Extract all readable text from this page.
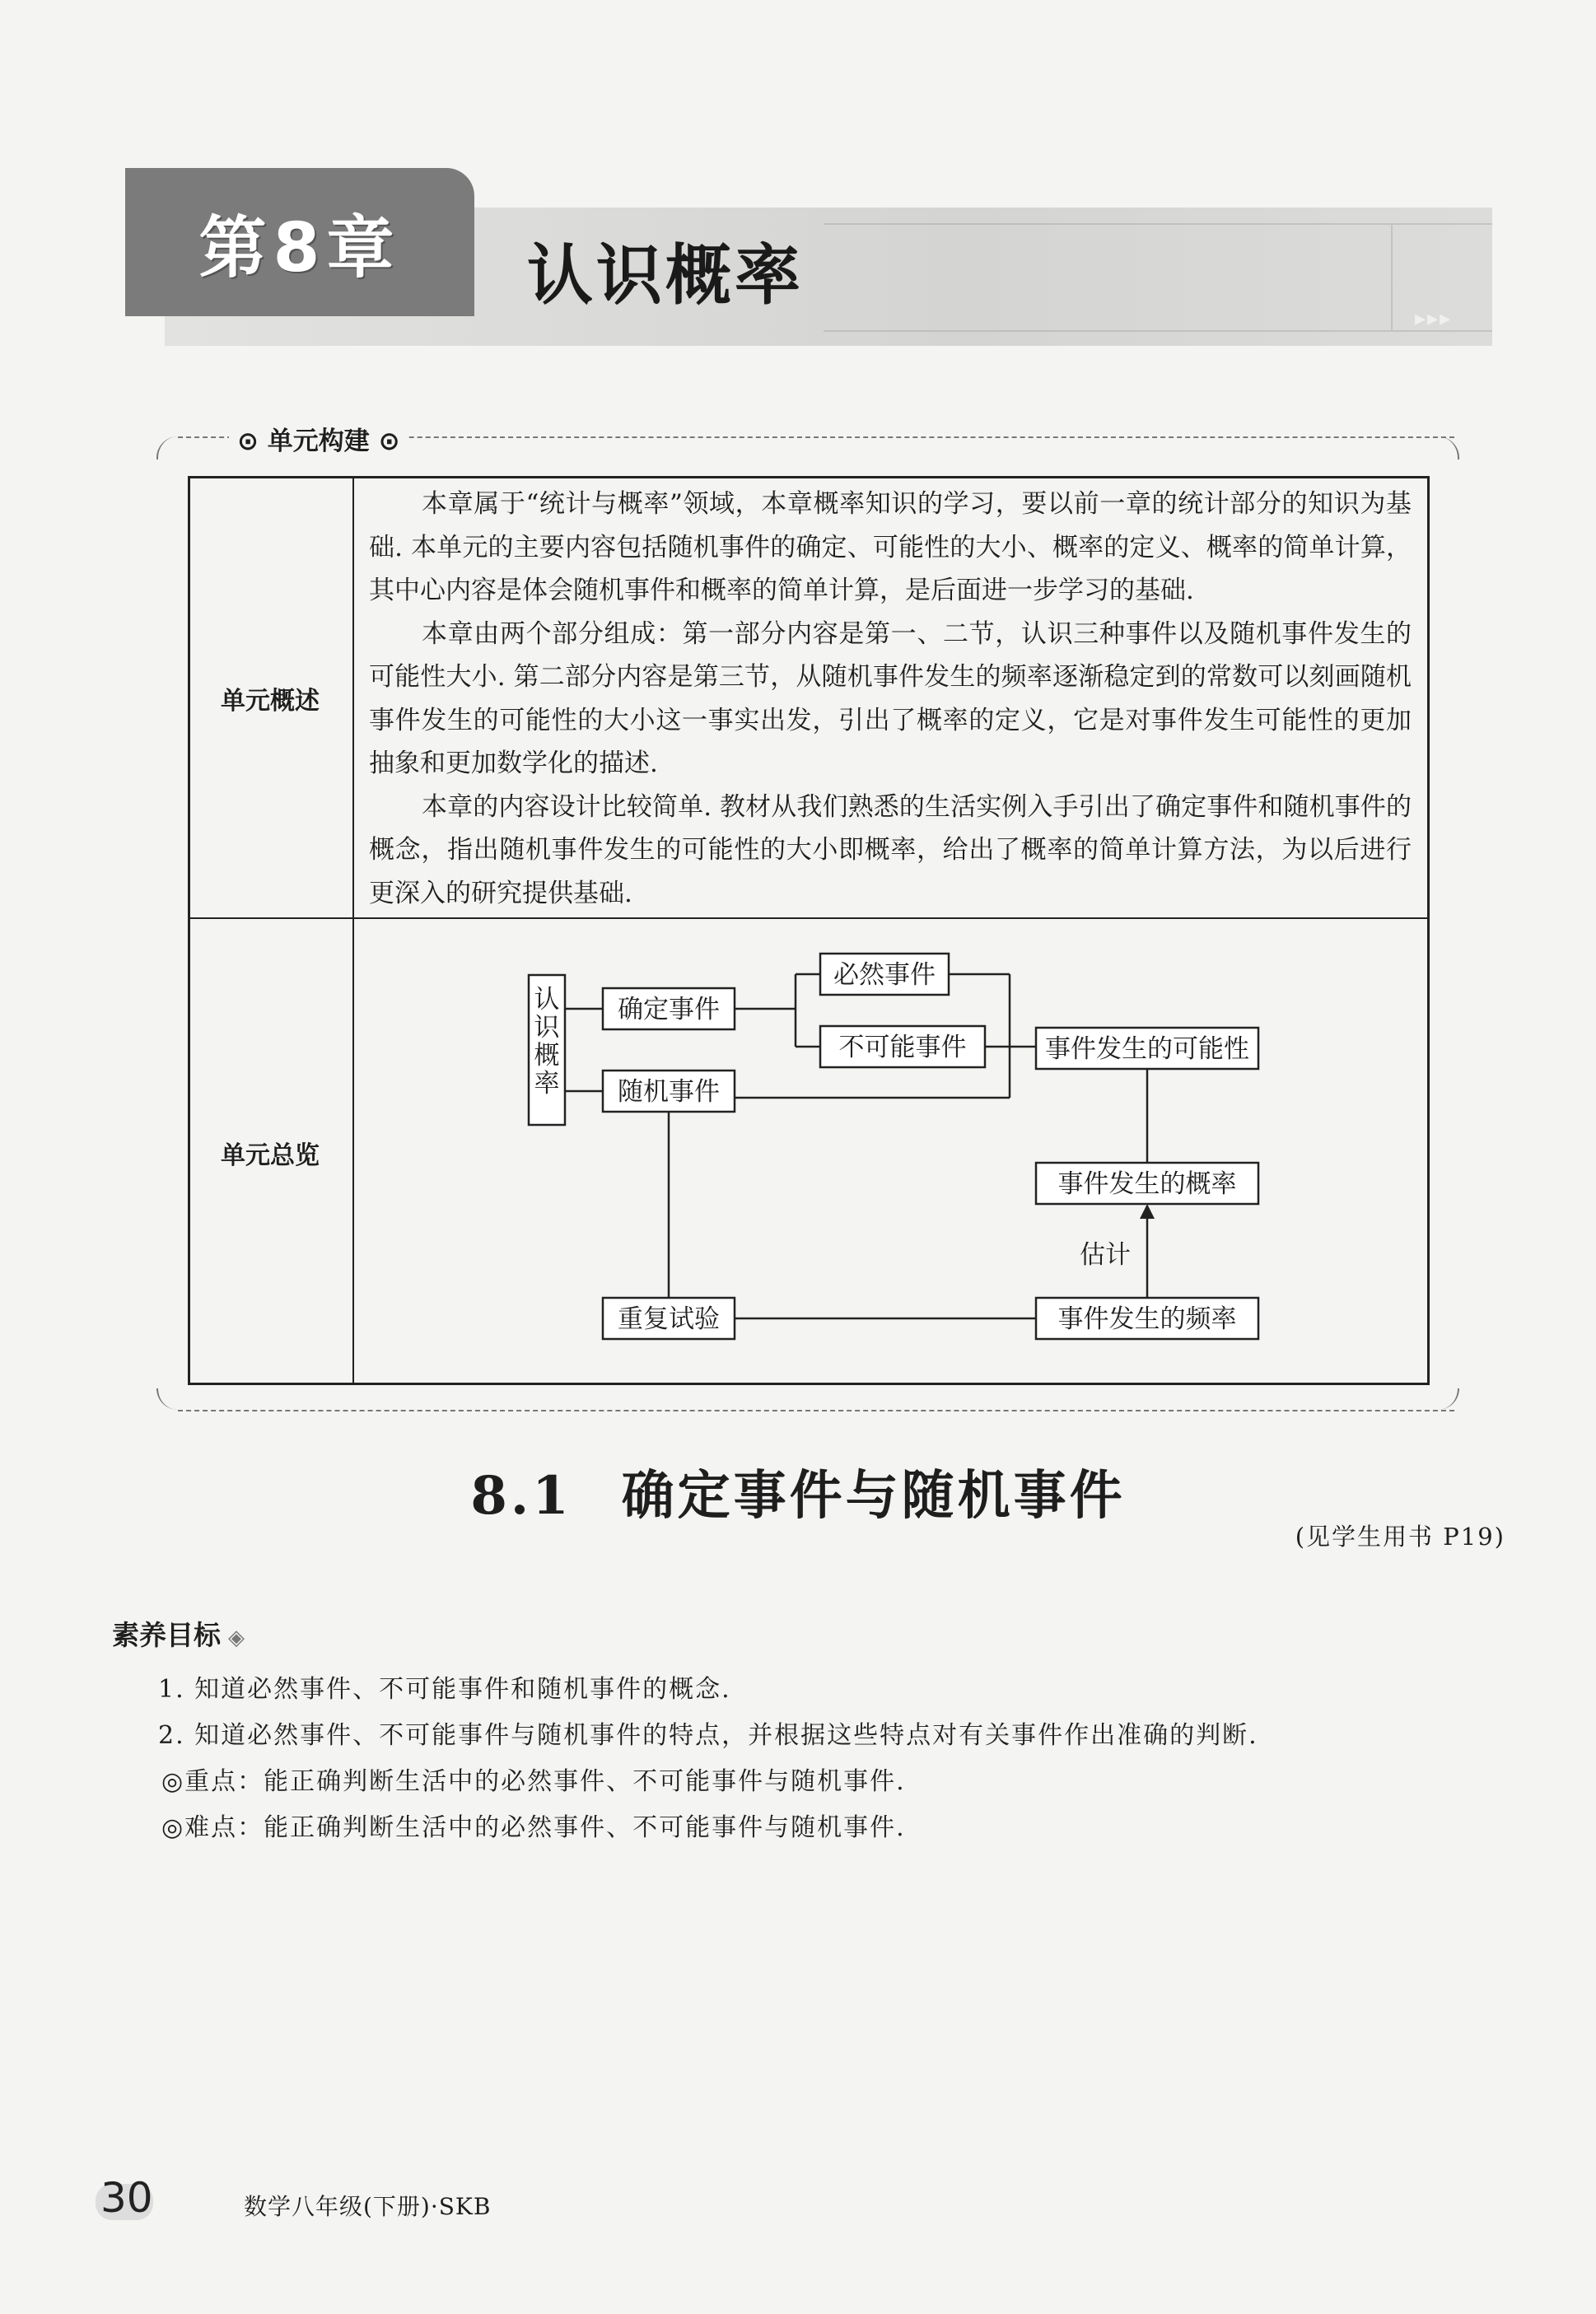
第8章	认识概率
▸▸▸
⊙ 单元构建 ⊙
单元概述

本章属于“统计与概率”领域，本章概率知识的学习，要以前一章的统计部分的知识为基础. 本单元的主要内容包括随机事件的确定、可能性的大小、概率的定义、概率的简单计算，其中心内容是体会随机事件和概率的简单计算，是后面进一步学习的基础.

本章由两个部分组成：第一部分内容是第一、二节，认识三种事件以及随机事件发生的可能性大小. 第二部分内容是第三节，从随机事件发生的频率逐渐稳定到的常数可以刻画随机事件发生的可能性的大小这一事实出发，引出了概率的定义，它是对事件发生可能性的更加抽象和更加数学化的描述.

本章的内容设计比较简单. 教材从我们熟悉的生活实例入手引出了确定事件和随机事件的概念，指出随机事件发生的可能性的大小即概率，给出了概率的简单计算方法，为以后进行更深入的研究提供基础.

单元总览
认
识
概
率
确定事件
随机事件
必然事件
不可能事件	事件发生的可能性
事件发生的概率
估计
重复试验	事件发生的频率
8.1 确定事件与随机事件
(见学生用书 P19)
素养目标 ◈
1. 知道必然事件、不可能事件和随机事件的概念.
2. 知道必然事件、不可能事件与随机事件的特点，并根据这些特点对有关事件作出准确的判断.
◎重点：能正确判断生活中的必然事件、不可能事件与随机事件.
◎难点：能正确判断生活中的必然事件、不可能事件与随机事件.
30	数学八年级(下册)·SKB
